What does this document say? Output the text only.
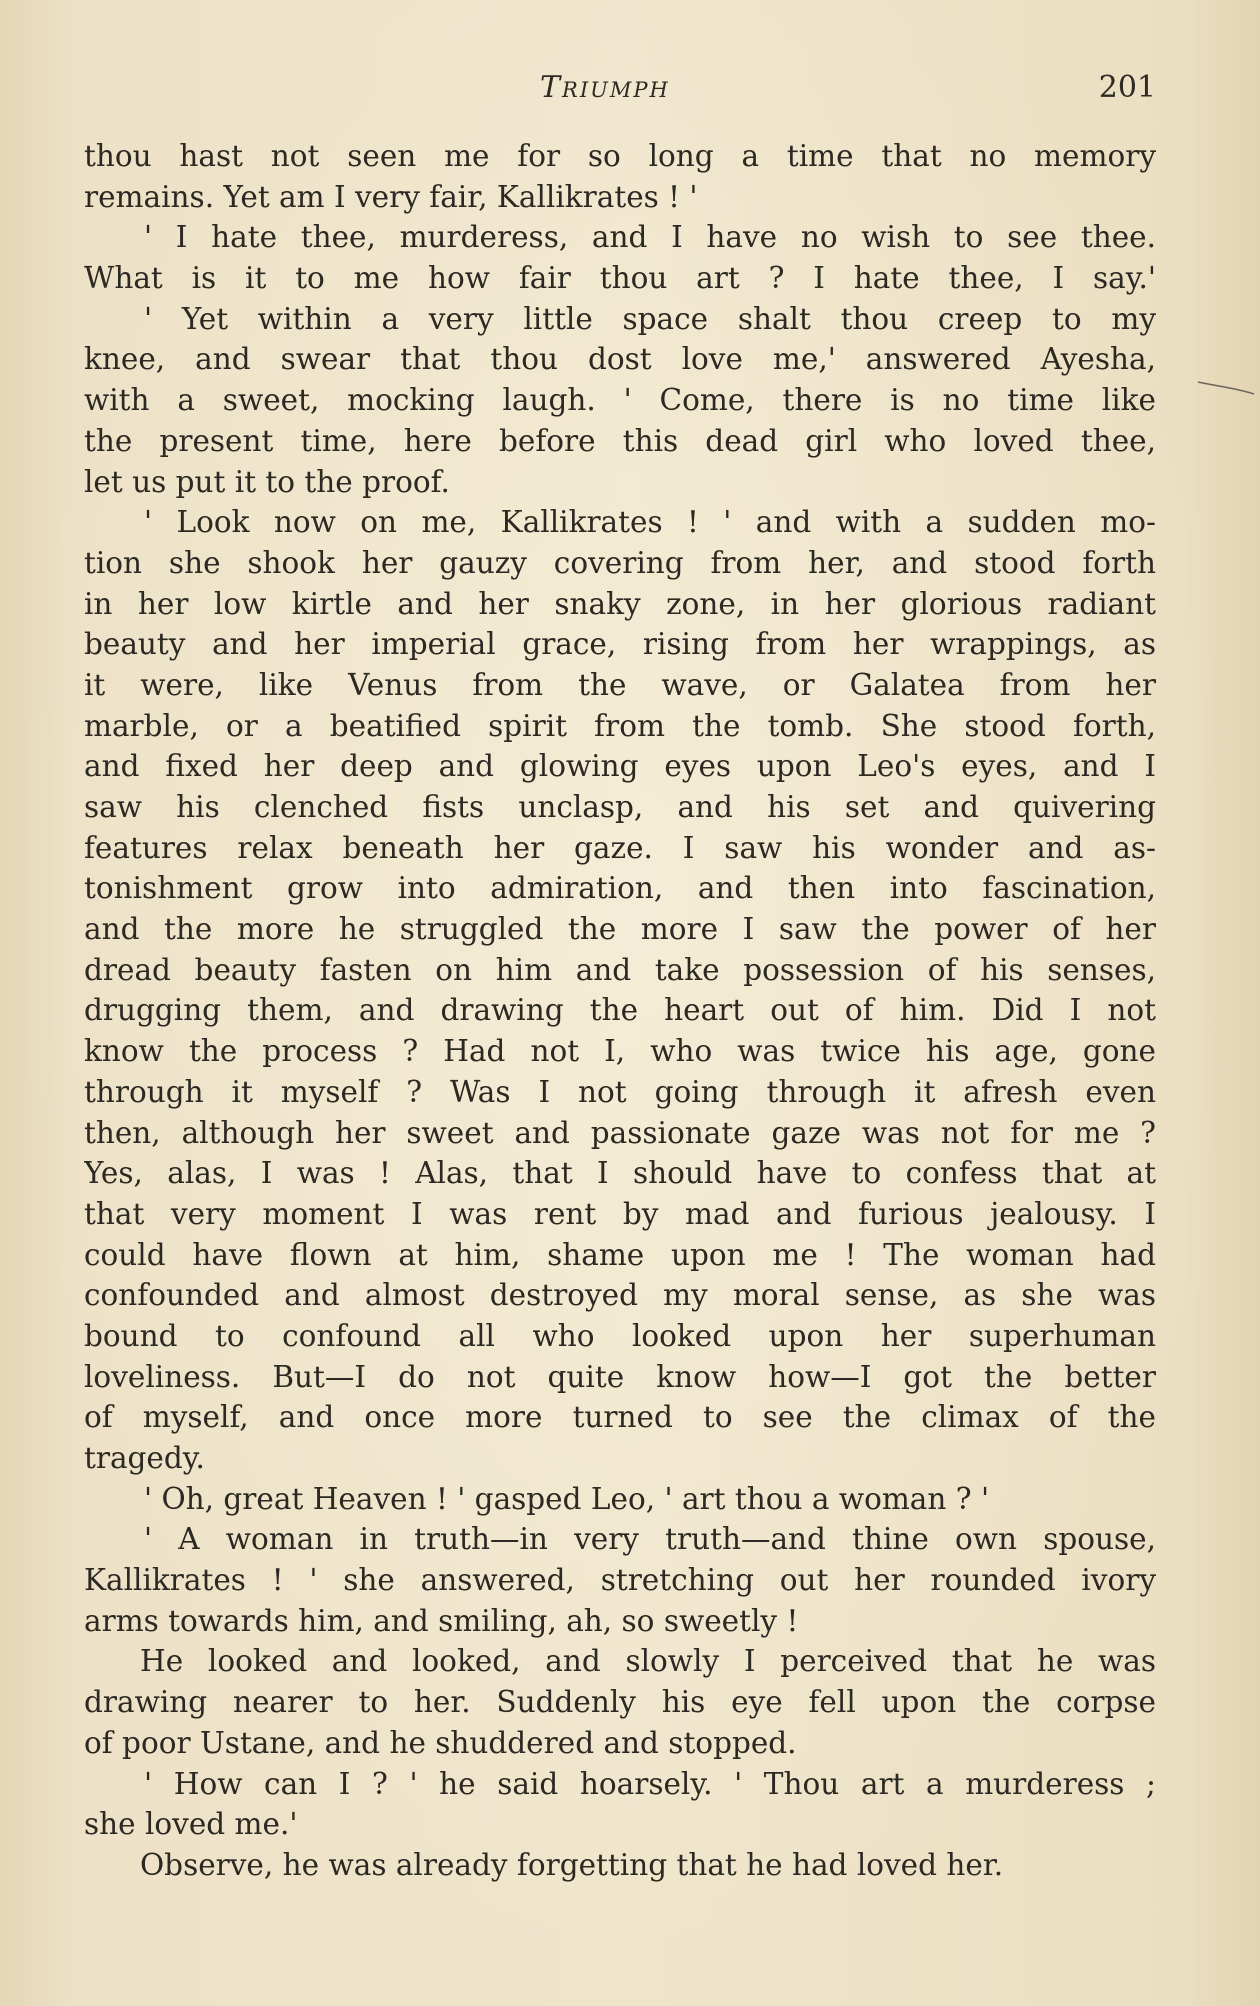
Triumph	201
thou hast not seen me for so long a time that no memory
remains. Yet am I very fair, Kallikrates ! '
' I hate thee, murderess, and I have no wish to see thee.
What is it to me how fair thou art ? I hate thee, I say.'
' Yet within a very little space shalt thou creep to my
knee, and swear that thou dost love me,' answered Ayesha,
with a sweet, mocking laugh. ' Come, there is no time like
the present time, here before this dead girl who loved thee,
let us put it to the proof.
' Look now on me, Kallikrates ! ' and with a sudden mo-
tion she shook her gauzy covering from her, and stood forth
in her low kirtle and her snaky zone, in her glorious radiant
beauty and her imperial grace, rising from her wrappings, as
it were, like Venus from the wave, or Galatea from her
marble, or a beatified spirit from the tomb. She stood forth,
and fixed her deep and glowing eyes upon Leo's eyes, and I
saw his clenched fists unclasp, and his set and quivering
features relax beneath her gaze. I saw his wonder and as-
tonishment grow into admiration, and then into fascination,
and the more he struggled the more I saw the power of her
dread beauty fasten on him and take possession of his senses,
drugging them, and drawing the heart out of him. Did I not
know the process ? Had not I, who was twice his age, gone
through it myself ? Was I not going through it afresh even
then, although her sweet and passionate gaze was not for me ?
Yes, alas, I was ! Alas, that I should have to confess that at
that very moment I was rent by mad and furious jealousy. I
could have flown at him, shame upon me ! The woman had
confounded and almost destroyed my moral sense, as she was
bound to confound all who looked upon her superhuman
loveliness. But—I do not quite know how—I got the better
of myself, and once more turned to see the climax of the
tragedy.
' Oh, great Heaven ! ' gasped Leo, ' art thou a woman ? '
' A woman in truth—in very truth—and thine own spouse,
Kallikrates ! ' she answered, stretching out her rounded ivory
arms towards him, and smiling, ah, so sweetly !
He looked and looked, and slowly I perceived that he was
drawing nearer to her. Suddenly his eye fell upon the corpse
of poor Ustane, and he shuddered and stopped.
' How can I ? ' he said hoarsely. ' Thou art a murderess ;
she loved me.'
Observe, he was already forgetting that he had loved her.
